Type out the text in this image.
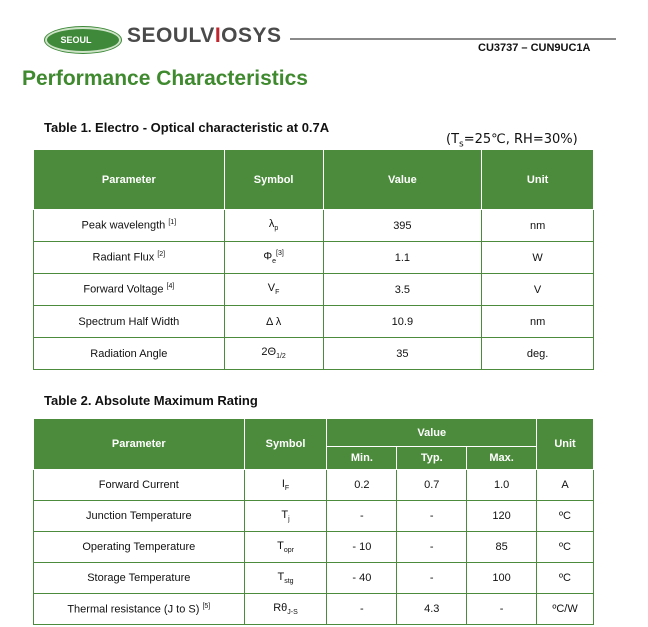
SEOUL	SEOULVIOSYS
CU3737 – CUN9UC1A
Performance Characteristics
Table 1. Electro - Optical characteristic at 0.7A
($T_s=25℃$, RH=30%)
Parameter	Symbol	Value	Unit
Peak wavelength [1]	$\lambda_p$	395	nm
Radiant Flux [2]	$\Phi_e[3]$	1.1	W
Forward Voltage [4]	$V_F$	3.5	V
Spectrum Half Width	Δ λ	10.9	nm
Radiation Angle	$2\Theta_{1/2}$	35	deg.
Table 2. Absolute Maximum Rating
Parameter	Symbol	Value			Unit
		Min.	Typ.	Max.	
Forward Current	$I_F$	0.2	0.7	1.0	A
Junction Temperature	$T_j$	-	-	120	ºC
Operating Temperature	$T_{opr}$	- 10	-	85	ºC
Storage Temperature	$T_{stg}$	- 40	-	100	ºC
Thermal resistance (J to S) [5]	$R\theta_{J-S}$	-	4.3	-	ºC/W
